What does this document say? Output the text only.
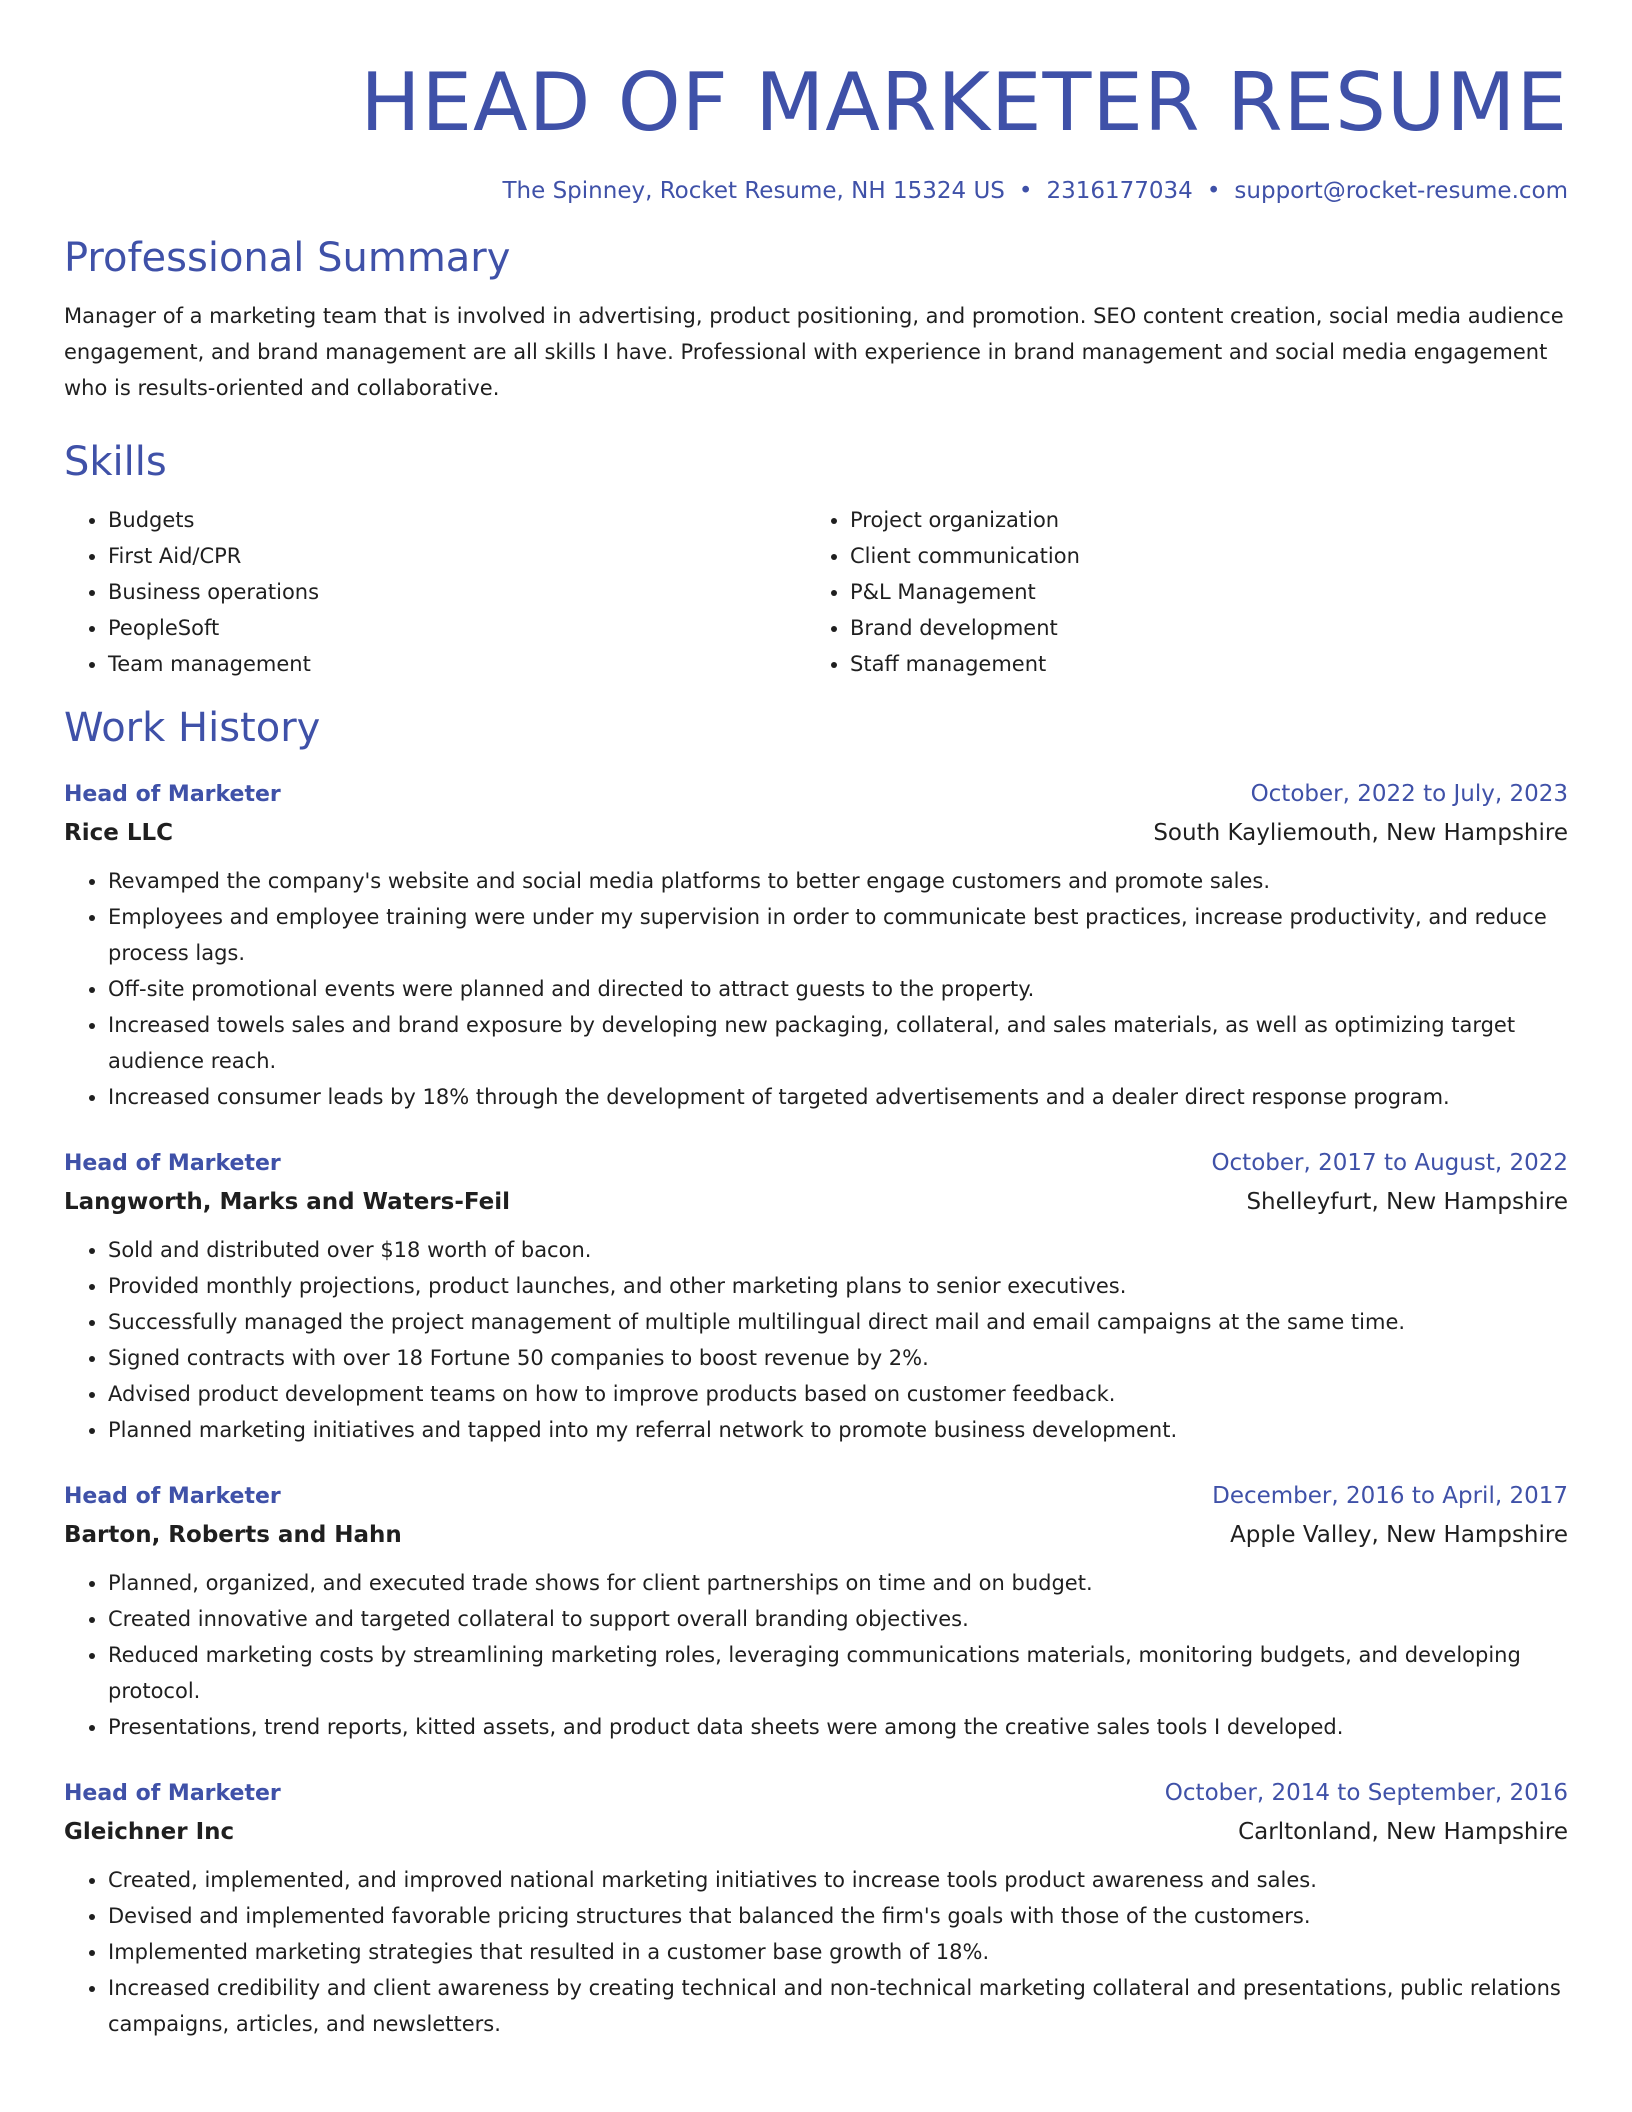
HEAD OF MARKETER RESUME
The Spinney, Rocket Resume, NH 15324 US • 2316177034 • support@rocket-resume.com
Professional Summary
Manager of a marketing team that is involved in advertising, product positioning, and promotion. SEO content creation, social media audience engagement, and brand management are all skills I have. Professional with experience in brand management and social media engagement who is results-oriented and collaborative.
Skills
• Budgets
• First Aid/CPR
• Business operations
• PeopleSoft
• Team management
• Project organization
• Client communication
• P&L Management
• Brand development
• Staff management
Work History
Head of Marketer	October, 2022 to July, 2023
Rice LLC	South Kayliemouth, New Hampshire
• Revamped the company's website and social media platforms to better engage customers and promote sales.
• Employees and employee training were under my supervision in order to communicate best practices, increase productivity, and reduce process lags.
• Off-site promotional events were planned and directed to attract guests to the property.
• Increased towels sales and brand exposure by developing new packaging, collateral, and sales materials, as well as optimizing target audience reach.
• Increased consumer leads by 18% through the development of targeted advertisements and a dealer direct response program.
Head of Marketer	October, 2017 to August, 2022
Langworth, Marks and Waters-Feil	Shelleyfurt, New Hampshire
• Sold and distributed over $18 worth of bacon.
• Provided monthly projections, product launches, and other marketing plans to senior executives.
• Successfully managed the project management of multiple multilingual direct mail and email campaigns at the same time.
• Signed contracts with over 18 Fortune 50 companies to boost revenue by 2%.
• Advised product development teams on how to improve products based on customer feedback.
• Planned marketing initiatives and tapped into my referral network to promote business development.
Head of Marketer	December, 2016 to April, 2017
Barton, Roberts and Hahn	Apple Valley, New Hampshire
• Planned, organized, and executed trade shows for client partnerships on time and on budget.
• Created innovative and targeted collateral to support overall branding objectives.
• Reduced marketing costs by streamlining marketing roles, leveraging communications materials, monitoring budgets, and developing protocol.
• Presentations, trend reports, kitted assets, and product data sheets were among the creative sales tools I developed.
Head of Marketer	October, 2014 to September, 2016
Gleichner Inc	Carltonland, New Hampshire
• Created, implemented, and improved national marketing initiatives to increase tools product awareness and sales.
• Devised and implemented favorable pricing structures that balanced the firm's goals with those of the customers.
• Implemented marketing strategies that resulted in a customer base growth of 18%.
• Increased credibility and client awareness by creating technical and non-technical marketing collateral and presentations, public relations campaigns, articles, and newsletters.
